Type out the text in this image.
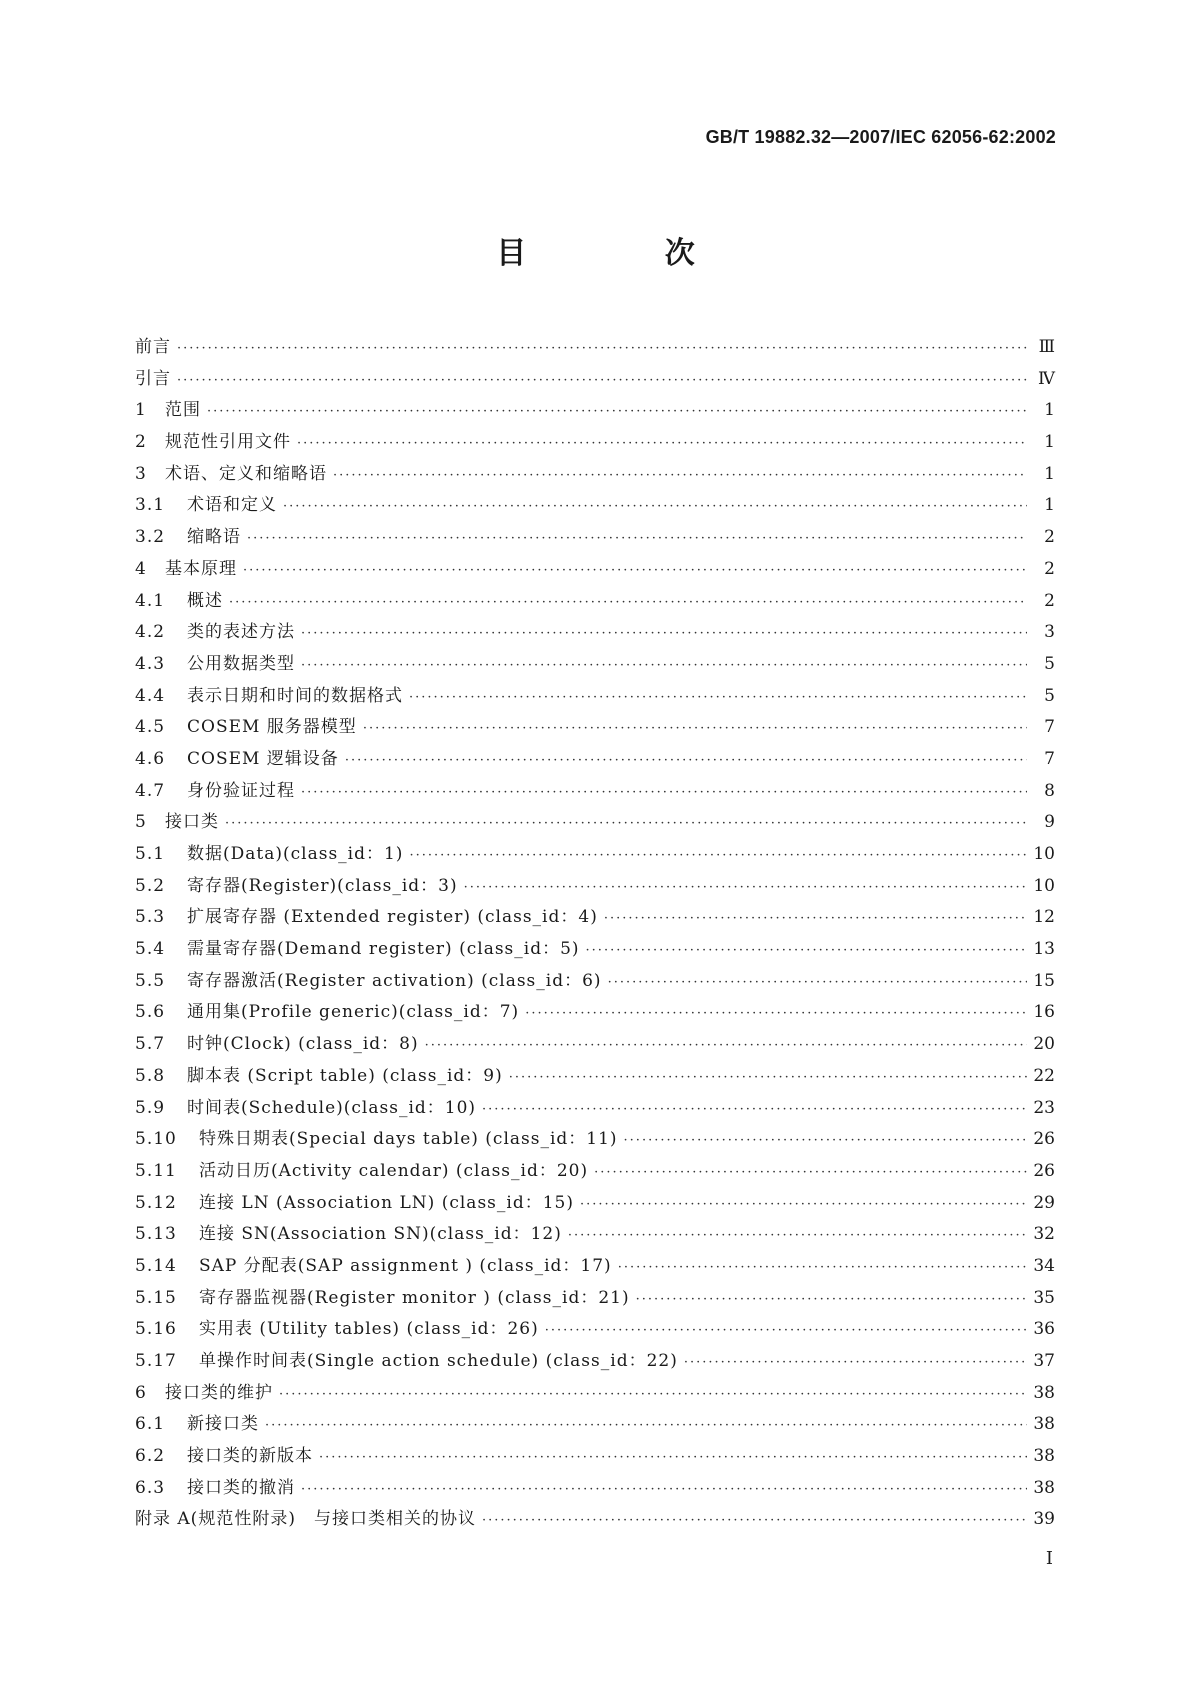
GB/T 19882.32—2007/IEC 62056-62:2002
目 次
前言 ·····	Ⅲ
引言 ·····	Ⅳ
1	范围 ·····	1
2	规范性引用文件 ·····	1
3	术语、定义和缩略语 ·····	1
3.1	术语和定义 ·····	1
3.2	缩略语 ·····	2
4	基本原理 ·····	2
4.1	概述 ·····	2
4.2	类的表述方法 ·····	3
4.3	公用数据类型 ·····	5
4.4	表示日期和时间的数据格式 ·····	5
4.5	COSEM 服务器模型 ·····	7
4.6	COSEM 逻辑设备 ·····	7
4.7	身份验证过程 ·····	8
5	接口类 ·····	9
5.1	数据(Data)(class_id：1) ·····	10
5.2	寄存器(Register)(class_id：3) ·····	10
5.3	扩展寄存器 (Extended register) (class_id：4) ·····	12
5.4	需量寄存器(Demand register) (class_id：5) ·····	13
5.5	寄存器激活(Register activation) (class_id：6) ·····	15
5.6	通用集(Profile generic)(class_id：7) ·····	16
5.7	时钟(Clock) (class_id：8) ·····	20
5.8	脚本表 (Script table) (class_id：9) ·····	22
5.9	时间表(Schedule)(class_id：10) ·····	23
5.10	特殊日期表(Special days table) (class_id：11) ·····	26
5.11	活动日历(Activity calendar) (class_id：20) ·····	26
5.12	连接 LN (Association LN) (class_id：15) ·····	29
5.13	连接 SN(Association SN)(class_id：12) ·····	32
5.14	SAP 分配表(SAP assignment ) (class_id：17) ·····	34
5.15	寄存器监视器(Register monitor ) (class_id：21) ·····	35
5.16	实用表 (Utility tables) (class_id：26) ·····	36
5.17	单操作时间表(Single action schedule) (class_id：22) ·····	37
6	接口类的维护 ·····	38
6.1	新接口类 ·····	38
6.2	接口类的新版本 ·····	38
6.3	接口类的撤消 ·····	38
附录 A(规范性附录)　与接口类相关的协议 ·····	39
I
